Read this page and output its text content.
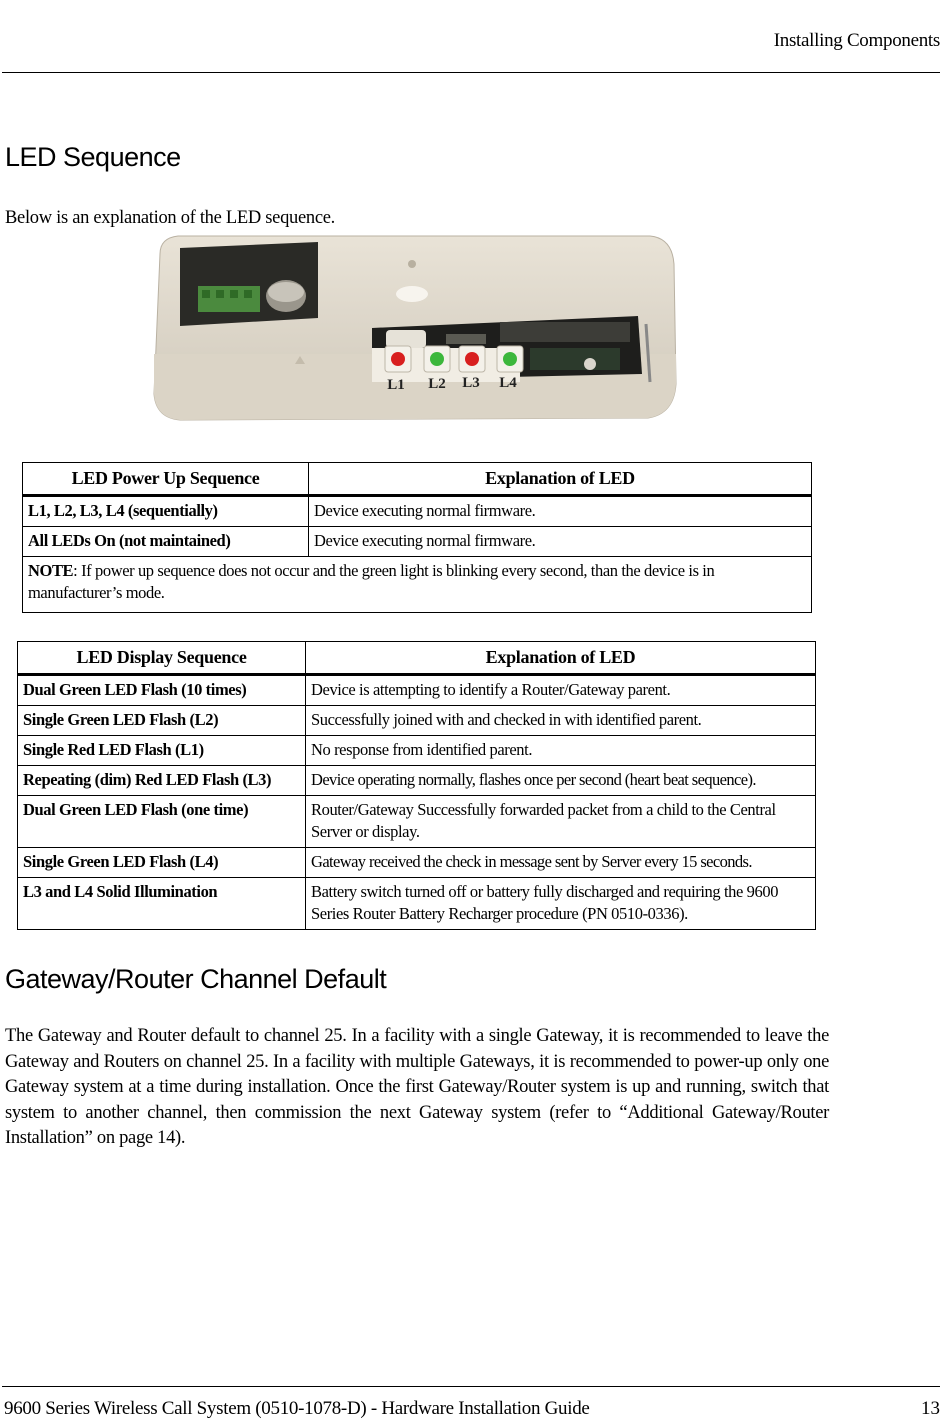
Installing Components
LED Sequence
Below is an explanation of the LED sequence.
L1 L2 L3 L4
LED Power Up Sequence	Explanation of LED
L1, L2, L3, L4 (sequentially)	Device executing normal firmware.
All LEDs On (not maintained)	Device executing normal firmware.
NOTE: If power up sequence does not occur and the green light is blinking every second, than the device is in manufacturer’s mode.	
LED Display Sequence	Explanation of LED
Dual Green LED Flash (10 times)	Device is attempting to identify a Router/Gateway parent.
Single Green LED Flash (L2)	Successfully joined with and checked in with identified parent.
Single Red LED Flash (L1)	No response from identified parent.
Repeating (dim) Red LED Flash (L3)	Device operating normally, flashes once per second (heart beat sequence).
Dual Green LED Flash (one time)	Router/Gateway Successfully forwarded packet from a child to the Central Server or display.
Single Green LED Flash (L4)	Gateway received the check in message sent by Server every 15 seconds.
L3 and L4 Solid Illumination	Battery switch turned off or battery fully discharged and requiring the 9600 Series Router Battery Recharger procedure (PN 0510-0336).
Gateway/Router Channel Default
The Gateway and Router default to channel 25. In a facility with a single Gateway, it is recommended to leave the Gateway and Routers on channel 25. In a facility with multiple Gateways, it is recommended to power-up only one Gateway system at a time during installation. Once the first Gateway/Router system is up and running, switch that system to another channel, then commission the next Gateway system (refer to “Additional Gateway/Router Installation” on page 14).
9600 Series Wireless Call System (0510-1078-D) - Hardware Installation Guide	13
